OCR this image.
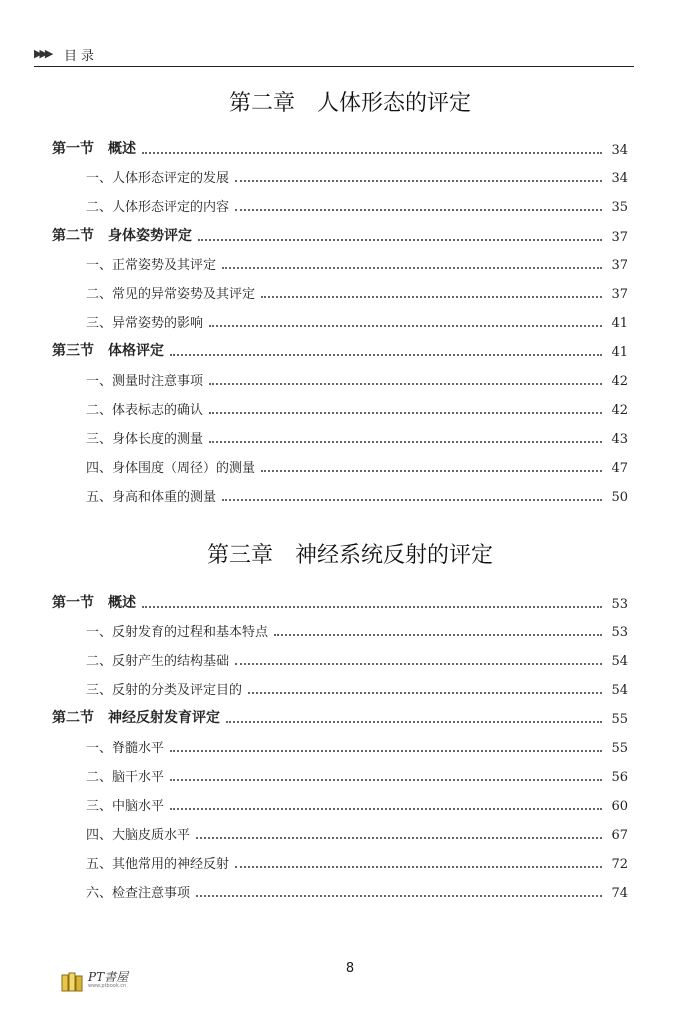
▶▶▶ 目录
第二章　人体形态的评定
第一节　概述	34
一、人体形态评定的发展	34
二、人体形态评定的内容	35
第二节　身体姿势评定	37
一、正常姿势及其评定	37
二、常见的异常姿势及其评定	37
三、异常姿势的影响	41
第三节　体格评定	41
一、测量时注意事项	42
二、体表标志的确认	42
三、身体长度的测量	43
四、身体围度（周径）的测量	47
五、身高和体重的测量	50
第三章　神经系统反射的评定
第一节　概述	53
一、反射发育的过程和基本特点	53
二、反射产生的结构基础	54
三、反射的分类及评定目的	54
第二节　神经反射发育评定	55
一、脊髓水平	55
二、脑干水平	56
三、中脑水平	60
四、大脑皮质水平	67
五、其他常用的神经反射	72
六、检查注意事项	74
8
PT書屋
www.ptbook.cn
